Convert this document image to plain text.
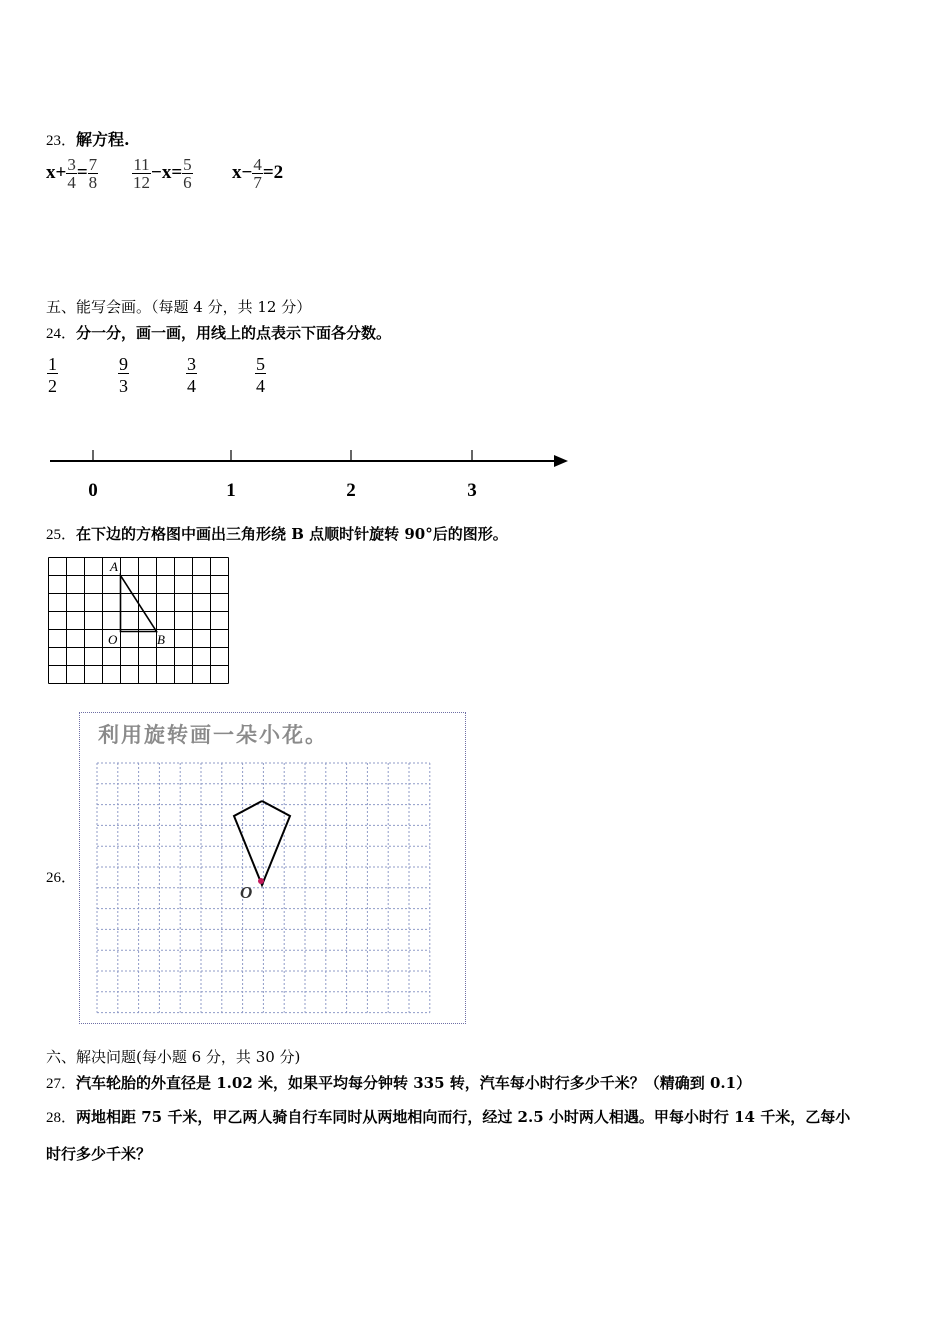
23．解方程.
$x+ \frac{3}{4} = \frac{7}{8} \frac{11}{12} -x= \frac{5}{6} x- \frac{4}{7} =2$
五、能写会画。（每题 4 分，共 12 分）
24．分一分，画一画，用线上的点表示下面各分数。
$\frac{1}{2}$	$\frac{9}{3}$	$\frac{3}{4}$	$\frac{5}{4}$
0	1	2	3
25．在下边的方格图中画出三角形绕 B 点顺时针旋转 90°后的图形。
A
O	B
26．
利用旋转画一朵小花。
O
六、解决问题(每小题 6 分，共 30 分)
27．汽车轮胎的外直径是 1.02 米，如果平均每分钟转 335 转，汽车每小时行多少千米？（精确到 0.1）
28．两地相距 75 千米，甲乙两人骑自行车同时从两地相向而行，经过 2.5 小时两人相遇。甲每小时行 14 千米，乙每小
时行多少千米？
